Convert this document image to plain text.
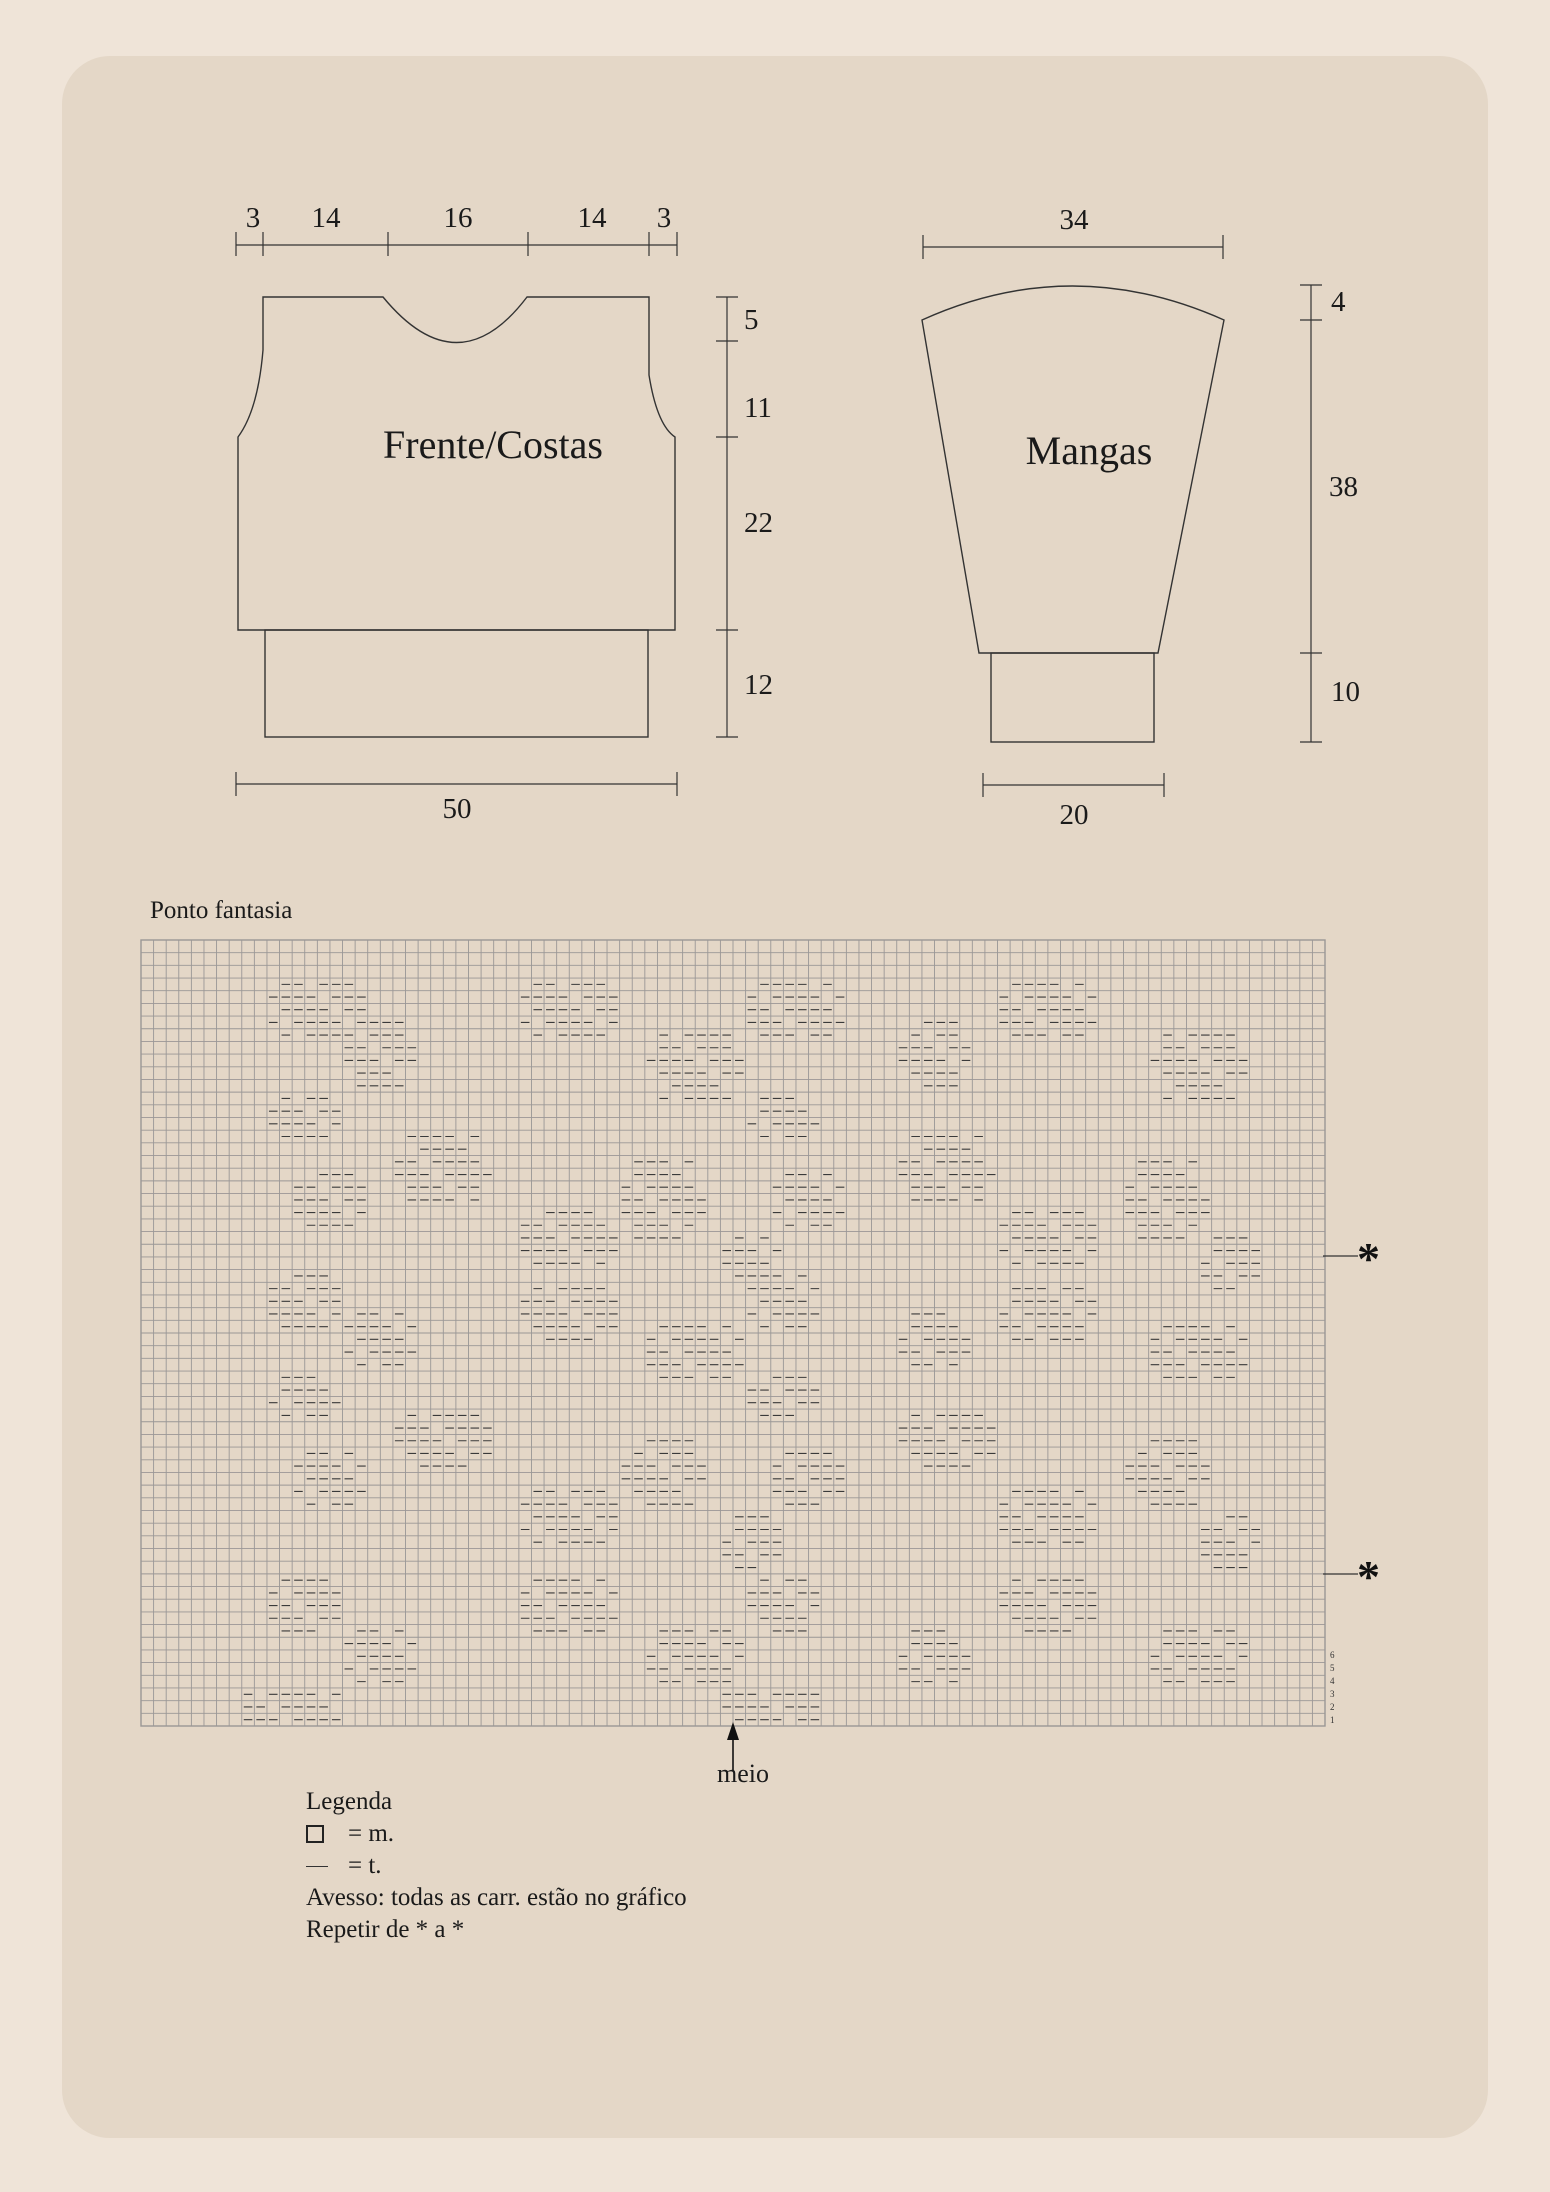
Frente/Costas
3 14	16	14 3
5
11
22
12
50
Mangas
34
4
38
10
20
Ponto fantasia
1
2
3
4
5
6
*
*
meio
Legenda
= m.
= t.
Avesso: todas as carr. estão no gráfico
Repetir de * a *
